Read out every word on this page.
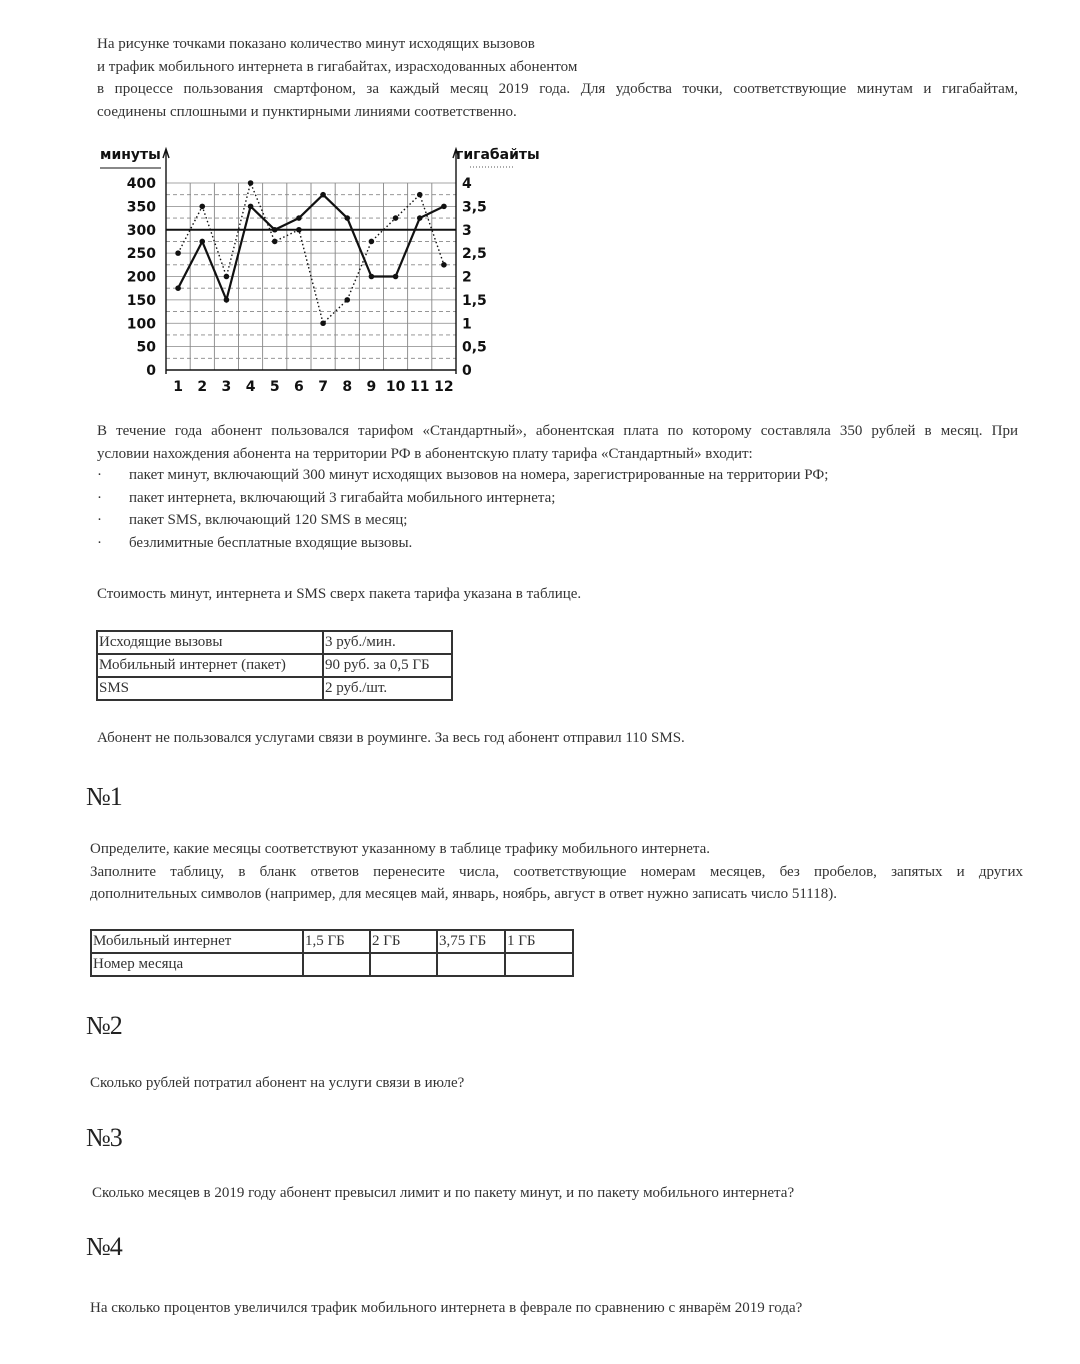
На рисунке точками показано количество минут исходящих вызовов
и трафик мобильного интернета в гигабайтах, израсходованных абонентом
в процессе пользования смартфоном, за каждый месяц 2019 года. Для удобства точки, соответствующие минутам и гигабайтам,
соединены сплошными и пунктирными линиями соответственно.
минуты	гигабайты
0
50
100
150
200
250
300
350
400
0
0,5
1
1,5
2
2,5
3
3,5
4
1 2 3 4 5 6 7 8 9 10 11 12
В течение года абонент пользовался тарифом «Стандартный», абонентская плата по которому составляла 350 рублей в месяц. При
условии нахождения абонента на территории РФ в абонентскую плату тарифа «Стандартный» входит:
· пакет минут, включающий 300 минут исходящих вызовов на номера, зарегистрированные на территории РФ;
· пакет интернета, включающий 3 гигабайта мобильного интернета;
· пакет SMS, включающий 120 SMS в месяц;
· безлимитные бесплатные входящие вызовы.
Стоимость минут, интернета и SMS сверх пакета тарифа указана в таблице.
Исходящие вызовы	3 руб./мин.
Мобильный интернет (пакет)	90 руб. за 0,5 ГБ
SMS	2 руб./шт.
Абонент не пользовался услугами связи в роуминге. За весь год абонент отправил 110 SMS.
№1
Определите, какие месяцы соответствуют указанному в таблице трафику мобильного интернета.
Заполните таблицу, в бланк ответов перенесите числа, соответствующие номерам месяцев, без пробелов, запятых и других
дополнительных символов (например, для месяцев май, январь, ноябрь, август в ответ нужно записать число 51118).
Мобильный интернет	1,5 ГБ	2 ГБ	3,75 ГБ	1 ГБ
Номер месяца				
№2
Сколько рублей потратил абонент на услуги связи в июле?
№3
Сколько месяцев в 2019 году абонент превысил лимит и по пакету минут, и по пакету мобильного интернета?
№4
На сколько процентов увеличился трафик мобильного интернета в феврале по сравнению с январём 2019 года?
